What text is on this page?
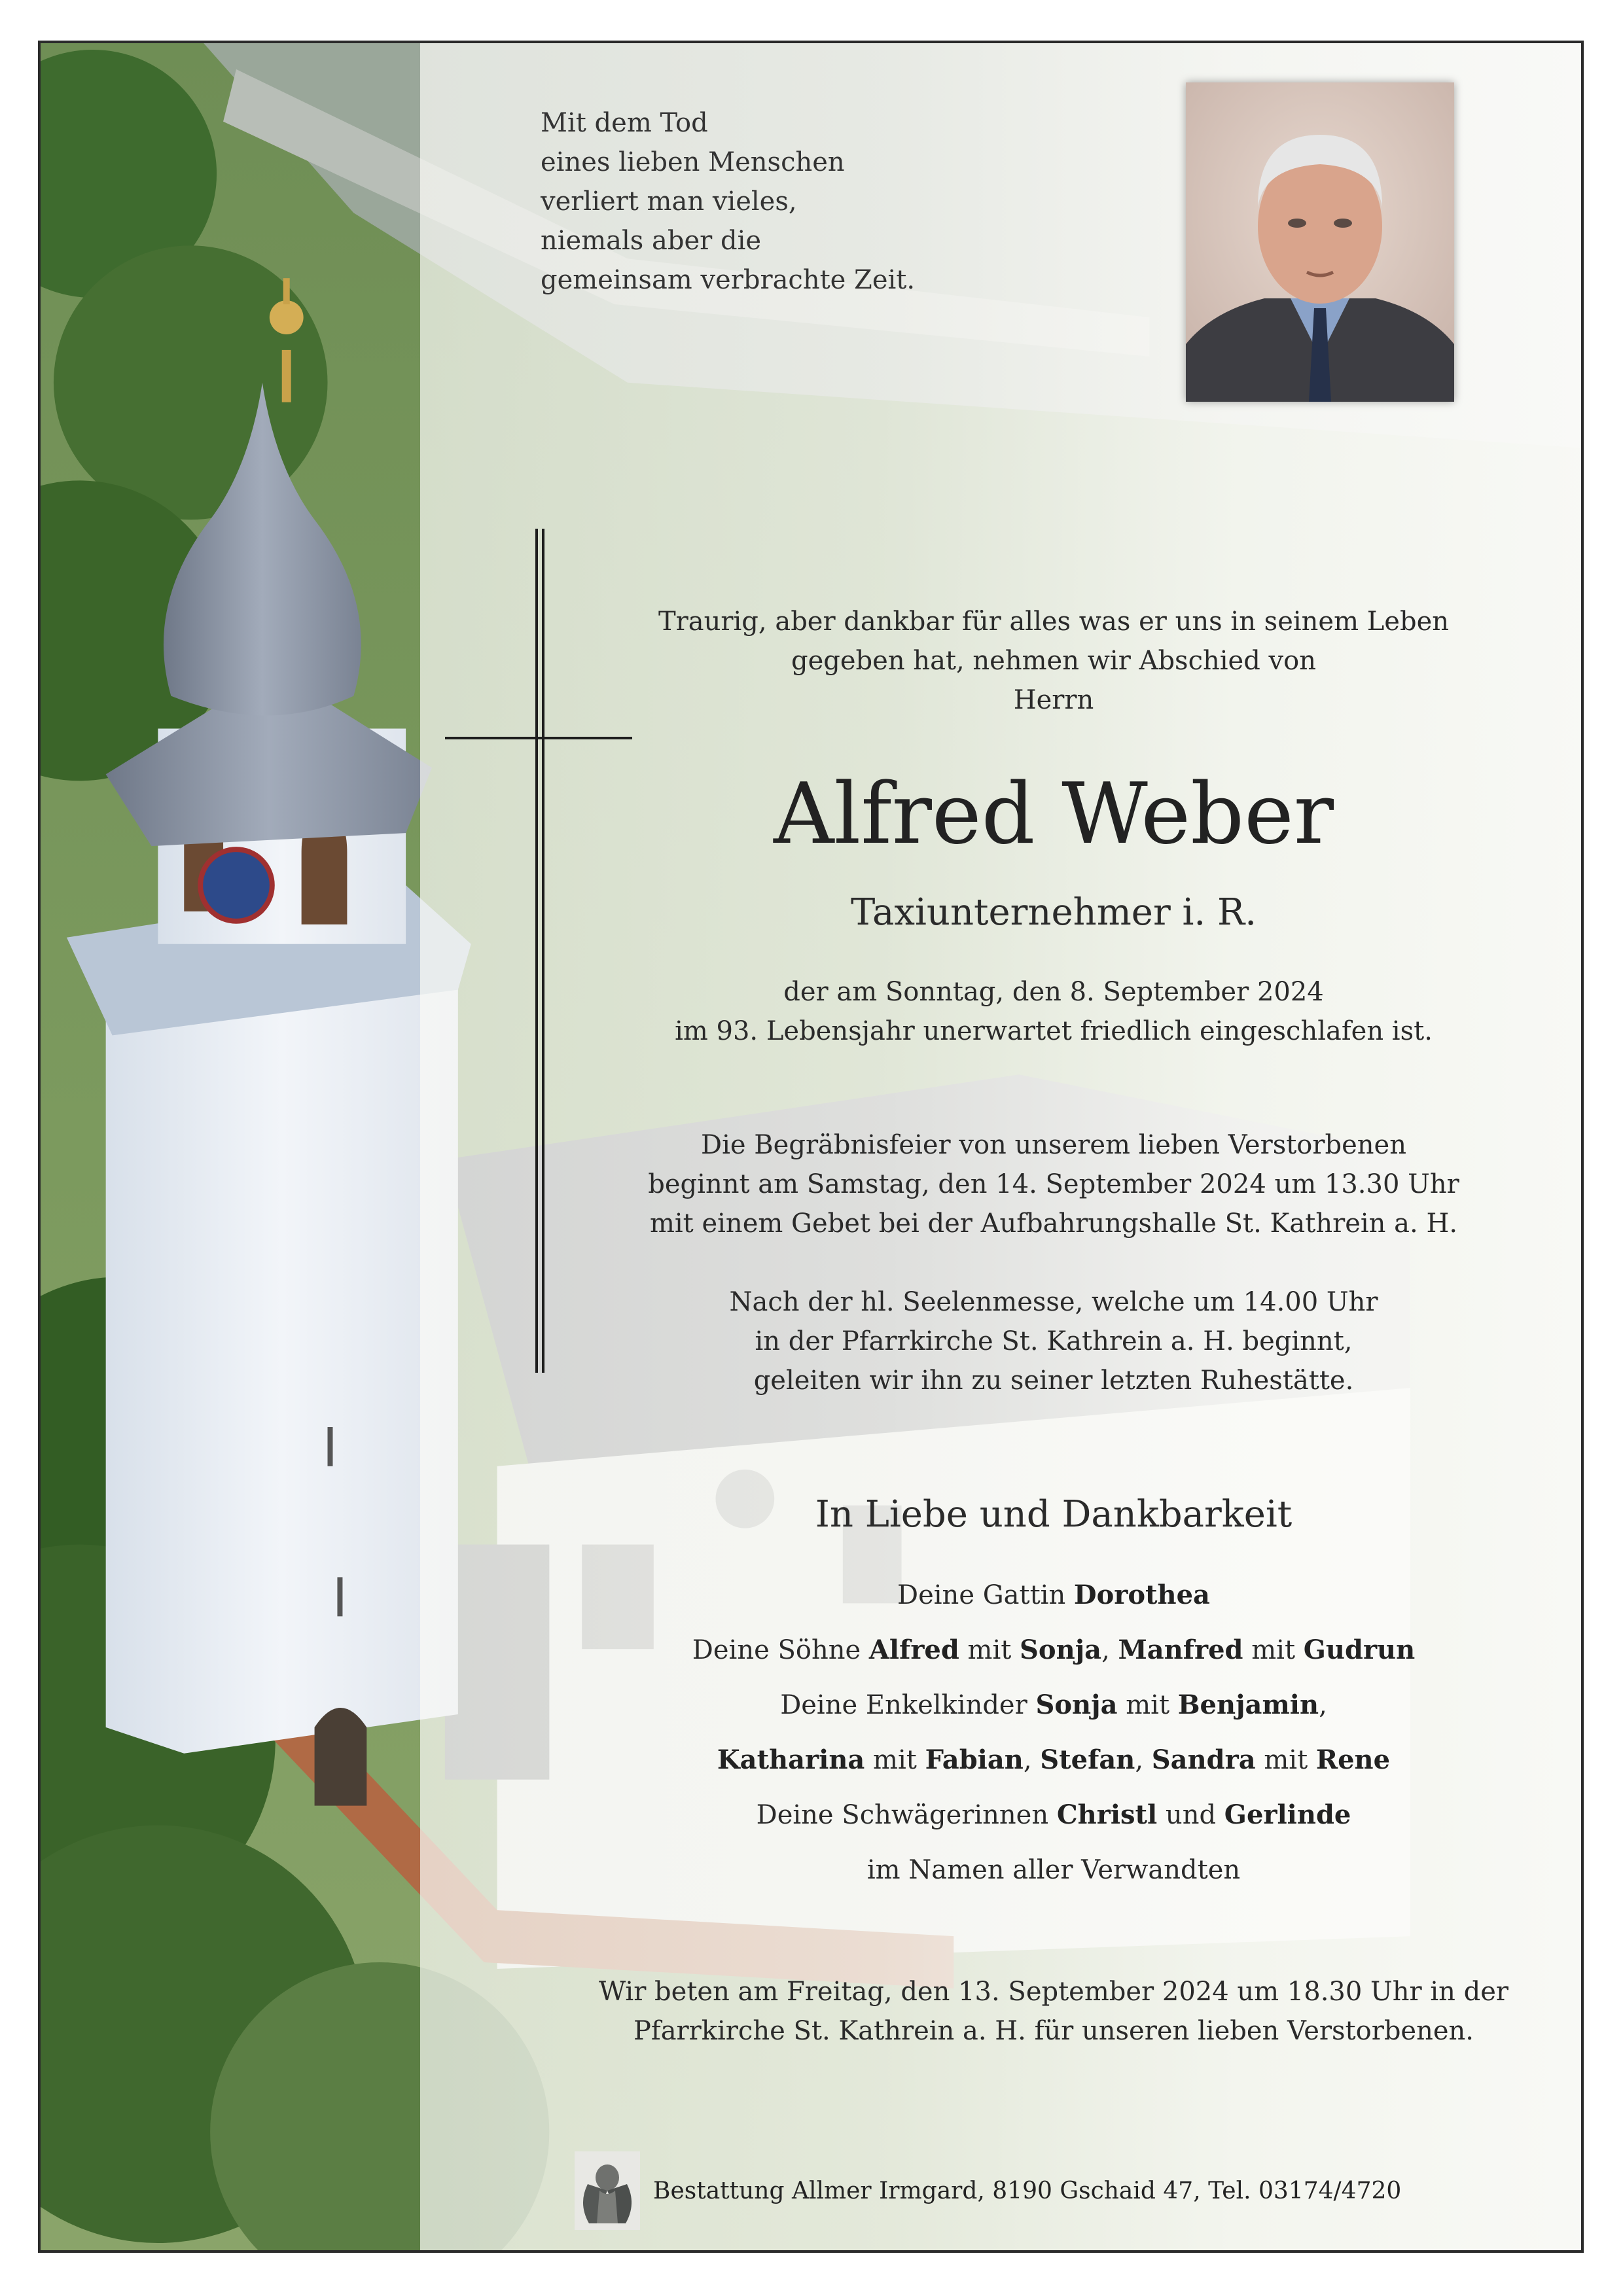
Mit dem Tod
eines lieben Menschen
verliert man vieles,
niemals aber die
gemeinsam verbrachte Zeit.
Traurig, aber dankbar für alles was er uns in seinem Leben
gegeben hat, nehmen wir Abschied von
Herrn
Alfred Weber
Taxiunternehmer i. R.
der am Sonntag, den 8. September 2024
im 93. Lebensjahr unerwartet friedlich eingeschlafen ist.
Die Begräbnisfeier von unserem lieben Verstorbenen
beginnt am Samstag, den 14. September 2024 um 13.30 Uhr
mit einem Gebet bei der Aufbahrungshalle St. Kathrein a. H.
Nach der hl. Seelenmesse, welche um 14.00 Uhr
in der Pfarrkirche St. Kathrein a. H. beginnt,
geleiten wir ihn zu seiner letzten Ruhestätte.
In Liebe und Dankbarkeit
Deine Gattin Dorothea
Deine Söhne Alfred mit Sonja, Manfred mit Gudrun
Deine Enkelkinder Sonja mit Benjamin,
Katharina mit Fabian, Stefan, Sandra mit Rene
Deine Schwägerinnen Christl und Gerlinde
im Namen aller Verwandten
Wir beten am Freitag, den 13. September 2024 um 18.30 Uhr in der
Pfarrkirche St. Kathrein a. H. für unseren lieben Verstorbenen.
Bestattung Allmer Irmgard, 8190 Gschaid 47, Tel. 03174/4720
